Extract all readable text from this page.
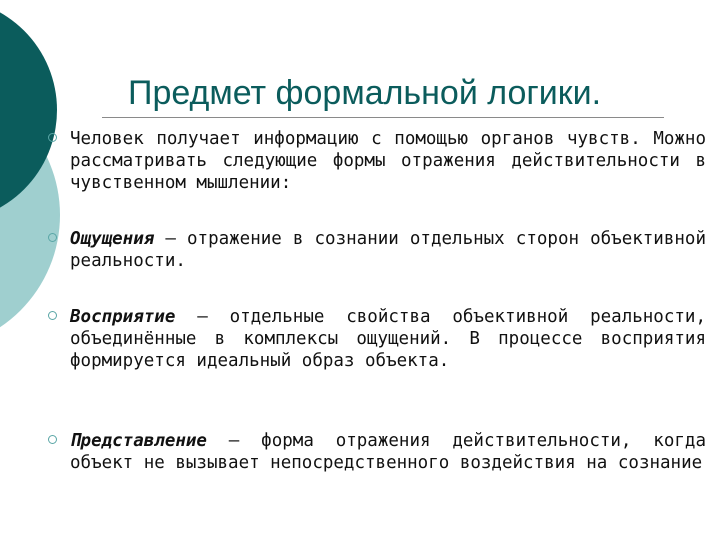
Предмет формальной логики.
Человек получает информацию с помощью органов чувств. Можно рассматривать следующие формы отражения действительности в чувственном мышлении:
Ощущения – отражение в сознании отдельных сторон объективной реальности.
Восприятие – отдельные свойства объективной реальности, объединённые в комплексы ощущений. В процессе восприятия формируется идеальный образ объекта.
Представление – форма отражения действительности, когда объект не вызывает непосредственного воздействия на сознание
